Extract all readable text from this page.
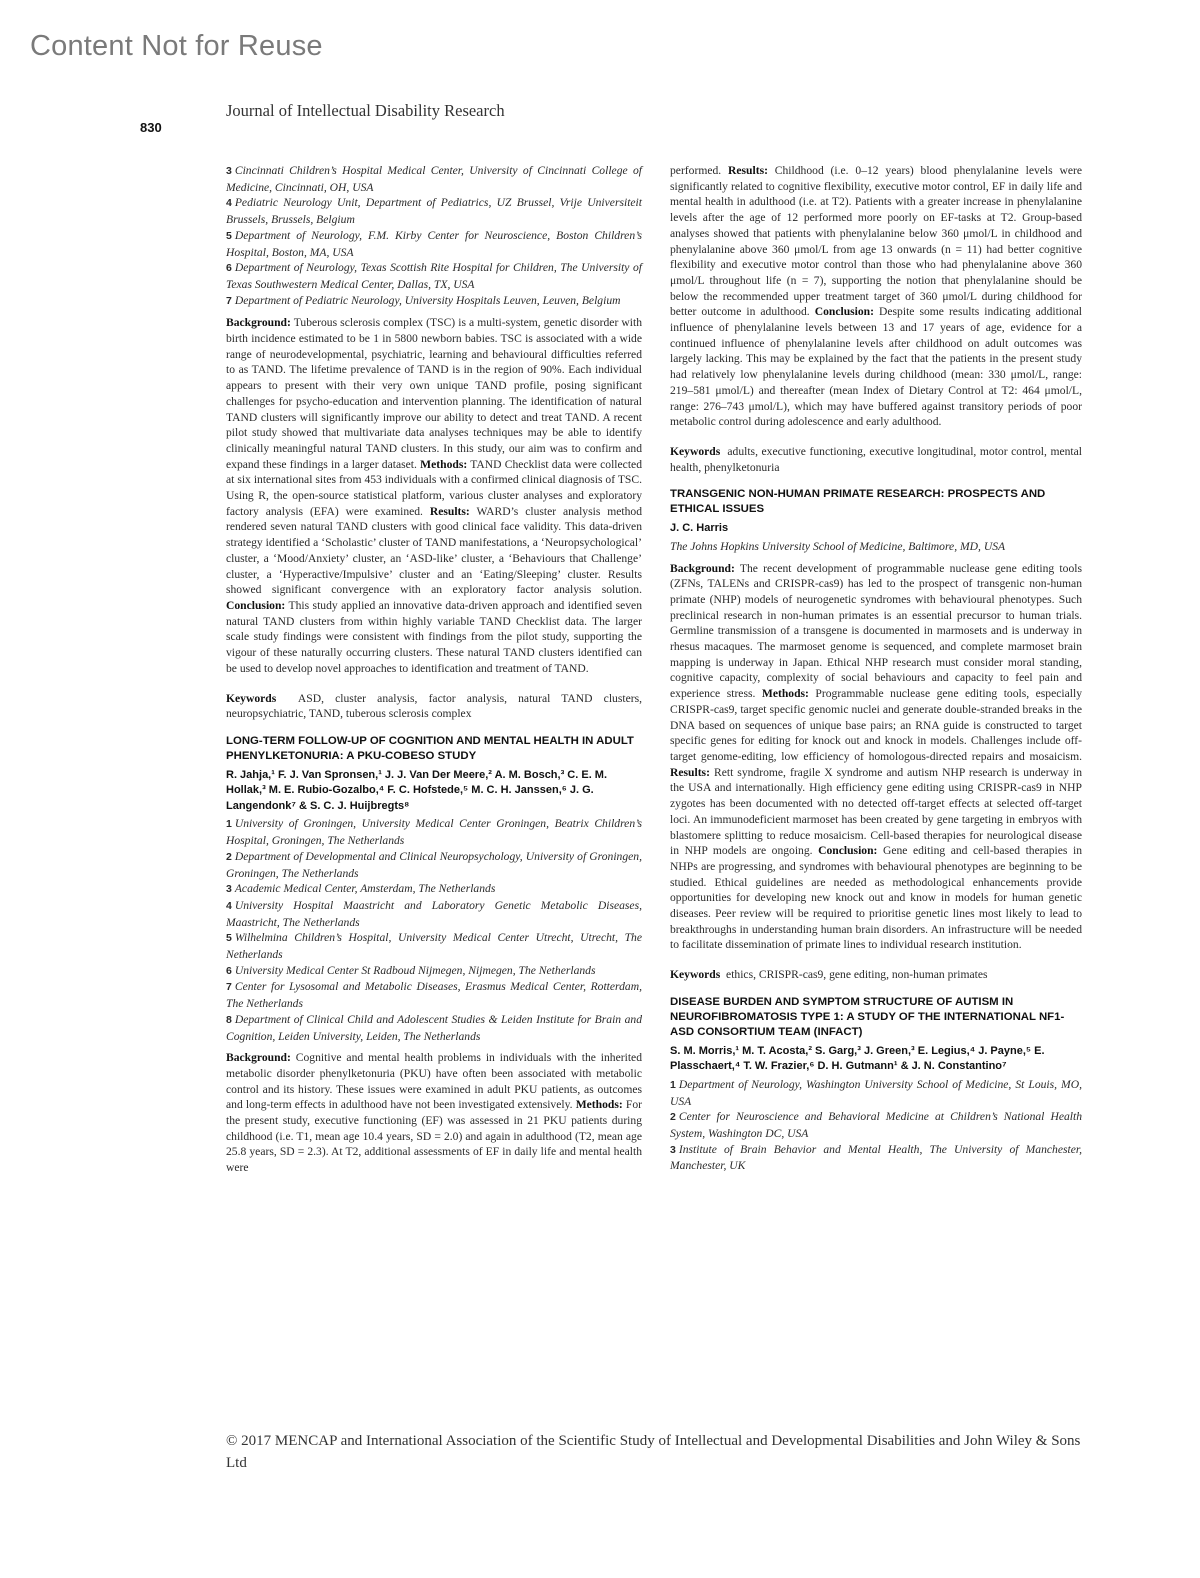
Content Not for Reuse
Journal of Intellectual Disability Research
830

3 Cincinnati Children’s Hospital Medical Center, University of Cincinnati College of Medicine, Cincinnati, OH, USA

4 Pediatric Neurology Unit, Department of Pediatrics, UZ Brussel, Vrije Universiteit Brussels, Brussels, Belgium

5 Department of Neurology, F.M. Kirby Center for Neuroscience, Boston Children’s Hospital, Boston, MA, USA

6 Department of Neurology, Texas Scottish Rite Hospital for Children, The University of Texas Southwestern Medical Center, Dallas, TX, USA

7 Department of Pediatric Neurology, University Hospitals Leuven, Leuven, Belgium

Background: Tuberous sclerosis complex (TSC) is a multi-system, genetic disorder with birth incidence estimated to be 1 in 5800 newborn babies. TSC is associated with a wide range of neurodevelopmental, psychiatric, learning and behavioural difficulties referred to as TAND. The lifetime prevalence of TAND is in the region of 90%. Each individual appears to present with their very own unique TAND profile, posing significant challenges for psycho-education and intervention planning. The identification of natural TAND clusters will significantly improve our ability to detect and treat TAND. A recent pilot study showed that multivariate data analyses techniques may be able to identify clinically meaningful natural TAND clusters. In this study, our aim was to confirm and expand these findings in a larger dataset. Methods: TAND Checklist data were collected at six international sites from 453 individuals with a confirmed clinical diagnosis of TSC. Using R, the open-source statistical platform, various cluster analyses and exploratory factory analysis (EFA) were examined. Results: WARD’s cluster analysis method rendered seven natural TAND clusters with good clinical face validity. This data-driven strategy identified a ‘Scholastic’ cluster of TAND manifestations, a ‘Neuropsychological’ cluster, a ‘Mood/Anxiety’ cluster, an ‘ASD-like’ cluster, a ‘Behaviours that Challenge’ cluster, a ‘Hyperactive/Impulsive’ cluster and an ‘Eating/Sleeping’ cluster. Results showed significant convergence with an exploratory factor analysis solution. Conclusion: This study applied an innovative data-driven approach and identified seven natural TAND clusters from within highly variable TAND Checklist data. The larger scale study findings were consistent with findings from the pilot study, supporting the vigour of these naturally occurring clusters. These natural TAND clusters identified can be used to develop novel approaches to identification and treatment of TAND.

Keywords ASD, cluster analysis, factor analysis, natural TAND clusters, neuropsychiatric, TAND, tuberous sclerosis complex

LONG-TERM FOLLOW-UP OF COGNITION AND MENTAL HEALTH IN ADULT PHENYLKETONURIA: A PKU-COBESO STUDY
R. Jahja,¹ F. J. Van Spronsen,¹ J. J. Van Der Meere,² A. M. Bosch,³ C. E. M. Hollak,³ M. E. Rubio-Gozalbo,⁴ F. C. Hofstede,⁵ M. C. H. Janssen,⁶ J. G. Langendonk⁷ & S. C. J. Huijbregts⁸

1 University of Groningen, University Medical Center Groningen, Beatrix Children’s Hospital, Groningen, The Netherlands

2 Department of Developmental and Clinical Neuropsychology, University of Groningen, Groningen, The Netherlands

3 Academic Medical Center, Amsterdam, The Netherlands

4 University Hospital Maastricht and Laboratory Genetic Metabolic Diseases, Maastricht, The Netherlands

5 Wilhelmina Children’s Hospital, University Medical Center Utrecht, Utrecht, The Netherlands

6 University Medical Center St Radboud Nijmegen, Nijmegen, The Netherlands

7 Center for Lysosomal and Metabolic Diseases, Erasmus Medical Center, Rotterdam, The Netherlands

8 Department of Clinical Child and Adolescent Studies & Leiden Institute for Brain and Cognition, Leiden University, Leiden, The Netherlands

Background: Cognitive and mental health problems in individuals with the inherited metabolic disorder phenylketonuria (PKU) have often been associated with metabolic control and its history. These issues were examined in adult PKU patients, as outcomes and long-term effects in adulthood have not been investigated extensively. Methods: For the present study, executive functioning (EF) was assessed in 21 PKU patients during childhood (i.e. T1, mean age 10.4 years, SD = 2.0) and again in adulthood (T2, mean age 25.8 years, SD = 2.3). At T2, additional assessments of EF in daily life and mental health were

performed. Results: Childhood (i.e. 0–12 years) blood phenylalanine levels were significantly related to cognitive flexibility, executive motor control, EF in daily life and mental health in adulthood (i.e. at T2). Patients with a greater increase in phenylalanine levels after the age of 12 performed more poorly on EF-tasks at T2. Group-based analyses showed that patients with phenylalanine below 360 μmol/L in childhood and phenylalanine above 360 μmol/L from age 13 onwards (n = 11) had better cognitive flexibility and executive motor control than those who had phenylalanine above 360 μmol/L throughout life (n = 7), supporting the notion that phenylalanine should be below the recommended upper treatment target of 360 μmol/L during childhood for better outcome in adulthood. Conclusion: Despite some results indicating additional influence of phenylalanine levels between 13 and 17 years of age, evidence for a continued influence of phenylalanine levels after childhood on adult outcomes was largely lacking. This may be explained by the fact that the patients in the present study had relatively low phenylalanine levels during childhood (mean: 330 μmol/L, range: 219–581 μmol/L) and thereafter (mean Index of Dietary Control at T2: 464 μmol/L, range: 276–743 μmol/L), which may have buffered against transitory periods of poor metabolic control during adolescence and early adulthood.

Keywords adults, executive functioning, executive longitudinal, motor control, mental health, phenylketonuria

TRANSGENIC NON-HUMAN PRIMATE RESEARCH: PROSPECTS AND ETHICAL ISSUES
J. C. Harris

The Johns Hopkins University School of Medicine, Baltimore, MD, USA

Background: The recent development of programmable nuclease gene editing tools (ZFNs, TALENs and CRISPR-cas9) has led to the prospect of transgenic non-human primate (NHP) models of neurogenetic syndromes with behavioural phenotypes. Such preclinical research in non-human primates is an essential precursor to human trials. Germline transmission of a transgene is documented in marmosets and is underway in rhesus macaques. The marmoset genome is sequenced, and complete marmoset brain mapping is underway in Japan. Ethical NHP research must consider moral standing, cognitive capacity, complexity of social behaviours and capacity to feel pain and experience stress. Methods: Programmable nuclease gene editing tools, especially CRISPR-cas9, target specific genomic nuclei and generate double-stranded breaks in the DNA based on sequences of unique base pairs; an RNA guide is constructed to target specific genes for editing for knock out and knock in models. Challenges include off-target genome-editing, low efficiency of homologous-directed repairs and mosaicism. Results: Rett syndrome, fragile X syndrome and autism NHP research is underway in the USA and internationally. High efficiency gene editing using CRISPR-cas9 in NHP zygotes has been documented with no detected off-target effects at selected off-target loci. An immunodeficient marmoset has been created by gene targeting in embryos with blastomere splitting to reduce mosaicism. Cell-based therapies for neurological disease in NHP models are ongoing. Conclusion: Gene editing and cell-based therapies in NHPs are progressing, and syndromes with behavioural phenotypes are beginning to be studied. Ethical guidelines are needed as methodological enhancements provide opportunities for developing new knock out and know in models for human genetic diseases. Peer review will be required to prioritise genetic lines most likely to lead to breakthroughs in understanding human brain disorders. An infrastructure will be needed to facilitate dissemination of primate lines to individual research institution.

Keywords ethics, CRISPR-cas9, gene editing, non-human primates

DISEASE BURDEN AND SYMPTOM STRUCTURE OF AUTISM IN NEUROFIBROMATOSIS TYPE 1: A STUDY OF THE INTERNATIONAL NF1-ASD CONSORTIUM TEAM (INFACT)
S. M. Morris,¹ M. T. Acosta,² S. Garg,³ J. Green,³ E. Legius,⁴ J. Payne,⁵ E. Plasschaert,⁴ T. W. Frazier,⁶ D. H. Gutmann¹ & J. N. Constantino⁷

1 Department of Neurology, Washington University School of Medicine, St Louis, MO, USA

2 Center for Neuroscience and Behavioral Medicine at Children’s National Health System, Washington DC, USA

3 Institute of Brain Behavior and Mental Health, The University of Manchester, Manchester, UK

© 2017 MENCAP and International Association of the Scientific Study of Intellectual and Developmental Disabilities and John Wiley & Sons Ltd
